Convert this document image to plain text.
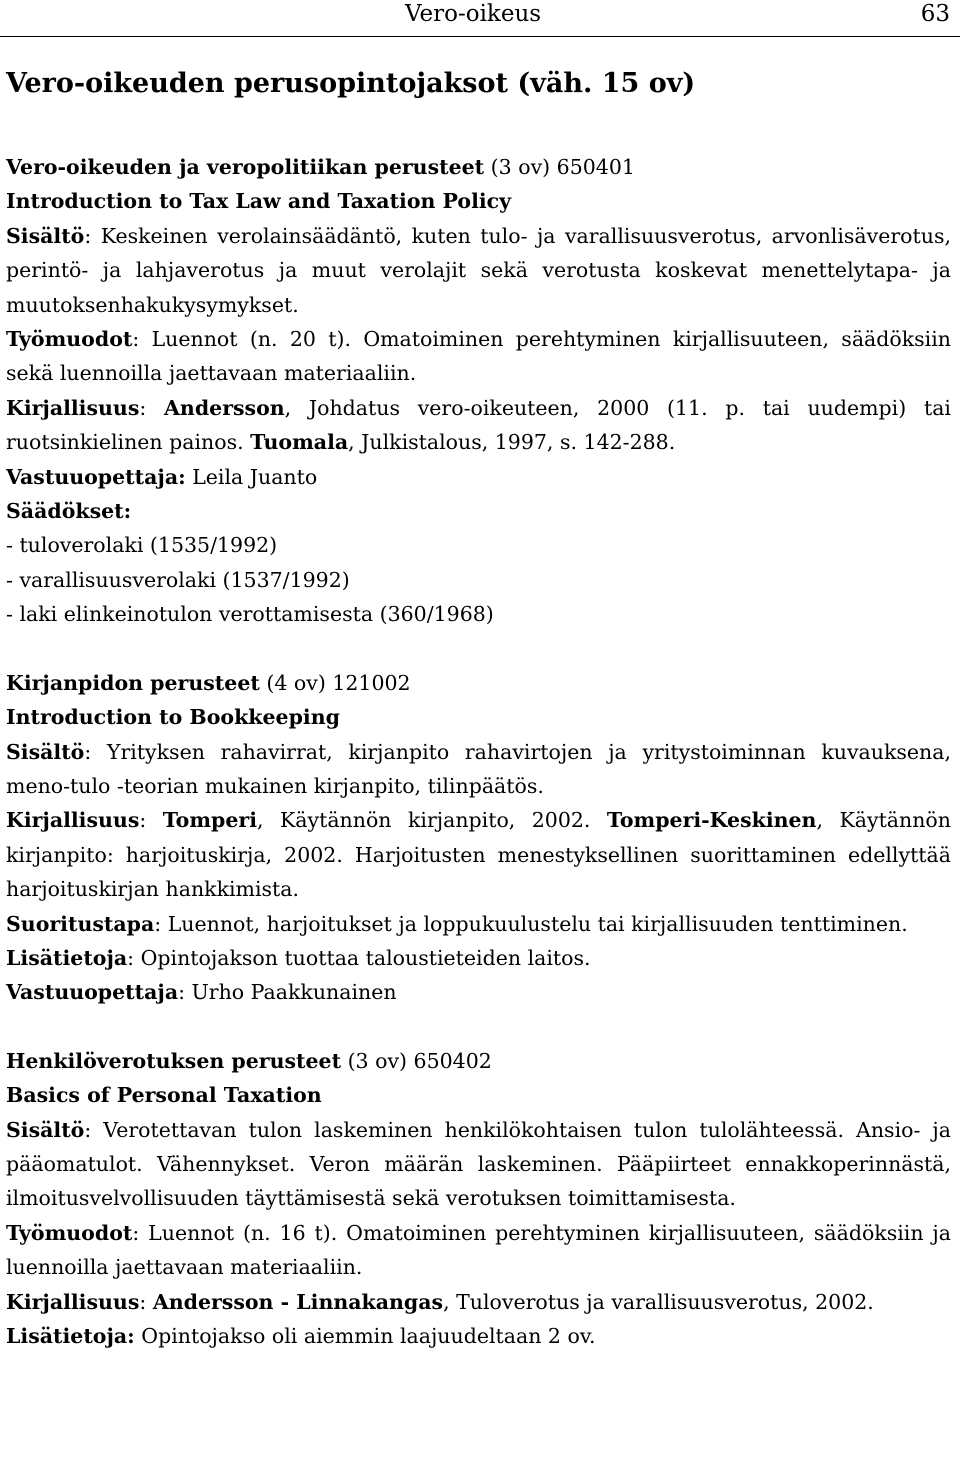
Vero-oikeus	63
Vero-oikeuden perusopintojaksot (väh. 15 ov)

Vero-oikeuden ja veropolitiikan perusteet (3 ov) 650401

Introduction to Tax Law and Taxation Policy

Sisältö: Keskeinen verolainsäädäntö, kuten tulo- ja varallisuusverotus, arvonlisäverotus, perintö- ja lahjaverotus ja muut verolajit sekä verotusta koskevat menettelytapa- ja muutoksenhakukysymykset.

Työmuodot: Luennot (n. 20 t). Omatoiminen perehtyminen kirjallisuuteen, säädöksiin sekä luennoilla jaettavaan materiaaliin.

Kirjallisuus: Andersson, Johdatus vero-oikeuteen, 2000 (11. p. tai uudempi) tai ruotsinkielinen painos. Tuomala, Julkistalous, 1997, s. 142-288.

Vastuuopettaja: Leila Juanto

Säädökset:

- tuloverolaki (1535/1992)

- varallisuusverolaki (1537/1992)

- laki elinkeinotulon verottamisesta (360/1968)

Kirjanpidon perusteet (4 ov) 121002

Introduction to Bookkeeping

Sisältö: Yrityksen rahavirrat, kirjanpito rahavirtojen ja yritystoiminnan kuvauksena, meno-tulo -teorian mukainen kirjanpito, tilinpäätös.

Kirjallisuus: Tomperi, Käytännön kirjanpito, 2002. Tomperi-Keskinen, Käytännön kirjanpito: harjoituskirja, 2002. Harjoitusten menestyksellinen suorittaminen edellyttää harjoituskirjan hankkimista.

Suoritustapa: Luennot, harjoitukset ja loppukuulustelu tai kirjallisuuden tenttiminen.

Lisätietoja: Opintojakson tuottaa taloustieteiden laitos.

Vastuuopettaja: Urho Paakkunainen

Henkilöverotuksen perusteet (3 ov) 650402

Basics of Personal Taxation

Sisältö: Verotettavan tulon laskeminen henkilökohtaisen tulon tulolähteessä. Ansio- ja pääomatulot. Vähennykset. Veron määrän laskeminen. Pääpiirteet ennakkoperinnästä, ilmoitusvelvollisuuden täyttämisestä sekä verotuksen toimittamisesta.

Työmuodot: Luennot (n. 16 t). Omatoiminen perehtyminen kirjallisuuteen, säädöksiin ja luennoilla jaettavaan materiaaliin.

Kirjallisuus: Andersson - Linnakangas, Tuloverotus ja varallisuusverotus, 2002.

Lisätietoja: Opintojakso oli aiemmin laajuudeltaan 2 ov.
